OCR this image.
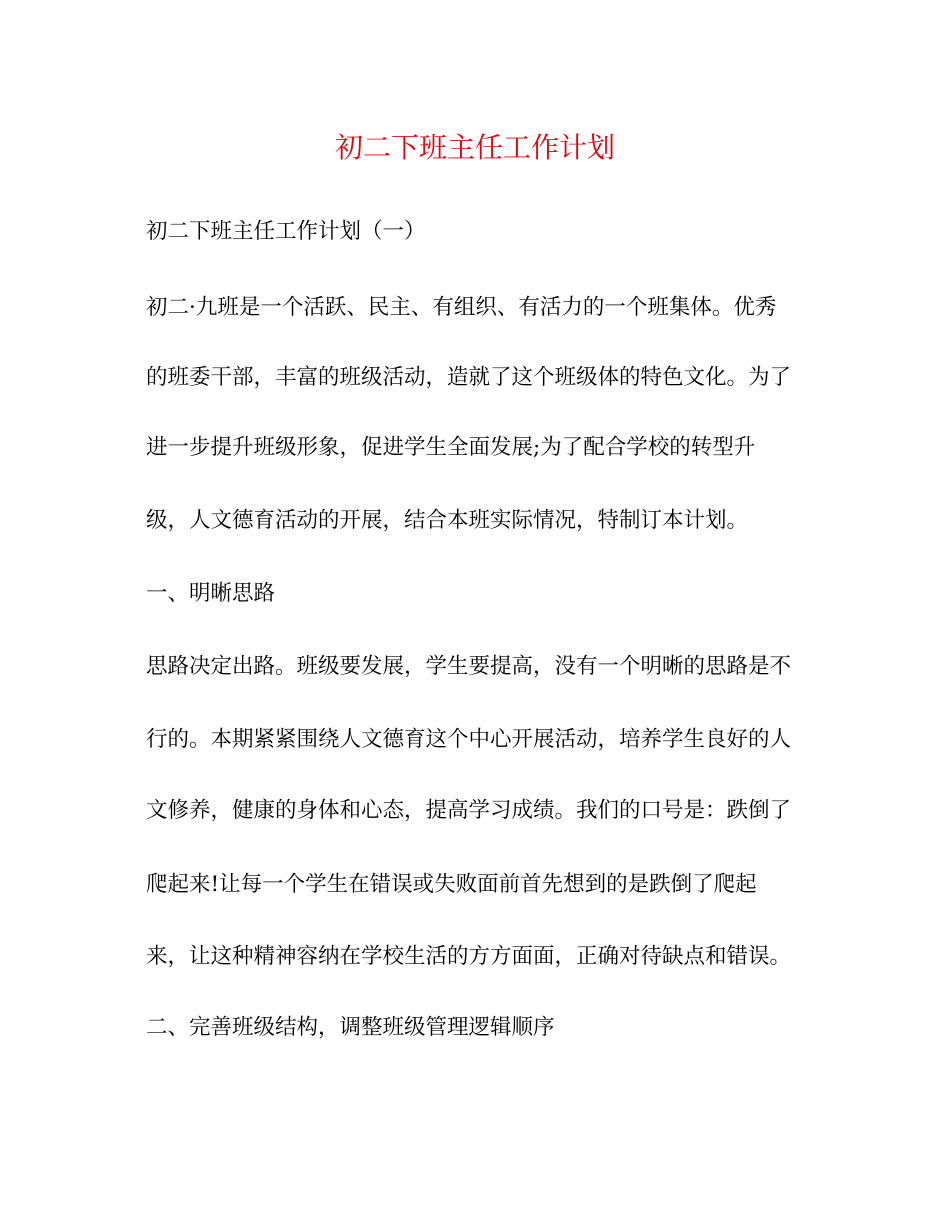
初二下班主任工作计划
初二下班主任工作计划（一）
初二·九班是一个活跃、民主、有组织、有活力的一个班集体。优秀
的班委干部，丰富的班级活动，造就了这个班级体的特色文化。为了
进一步提升班级形象，促进学生全面发展;为了配合学校的转型升
级，人文德育活动的开展，结合本班实际情况，特制订本计划。
一、明晰思路
思路决定出路。班级要发展，学生要提高，没有一个明晰的思路是不
行的。本期紧紧围绕人文德育这个中心开展活动，培养学生良好的人
文修养，健康的身体和心态，提高学习成绩。我们的口号是：跌倒了
爬起来!让每一个学生在错误或失败面前首先想到的是跌倒了爬起
来，让这种精神容纳在学校生活的方方面面，正确对待缺点和错误。
二、完善班级结构，调整班级管理逻辑顺序
